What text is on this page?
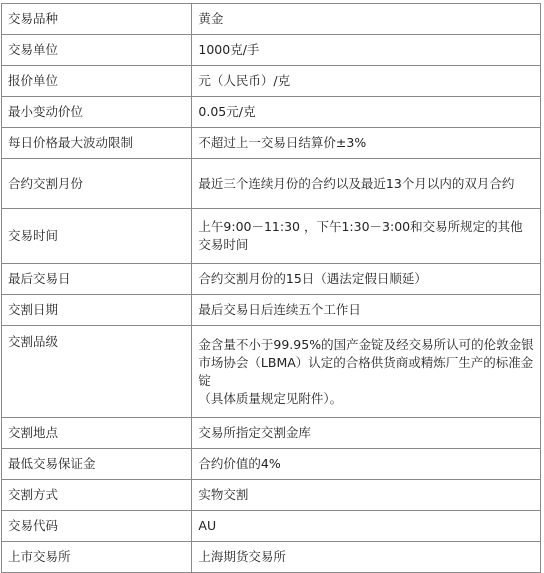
交易品种	黄金

交易单位	1000克/手

报价单位	元（人民币）/克

最小变动价位	0.05元/克

每日价格最大波动限制	不超过上一交易日结算价±3%

合约交割月份	最近三个连续月份的合约以及最近13个月以内的双月合约

交易时间	上午9:00－11:30 ，下午1:30－3:00和交易所规定的其他交易时间

最后交易日	合约交割月份的15日（遇法定假日顺延）

交割日期	最后交易日后连续五个工作日

交割品级	金含量不小于99.95%的国产金锭及经交易所认可的伦敦金银市场协会（LBMA）认定的合格供货商或精炼厂生产的标准金锭
（具体质量规定见附件）。

交割地点	交易所指定交割金库

最低交易保证金	合约价值的4%

交割方式	实物交割

交易代码	AU

上市交易所	上海期货交易所
